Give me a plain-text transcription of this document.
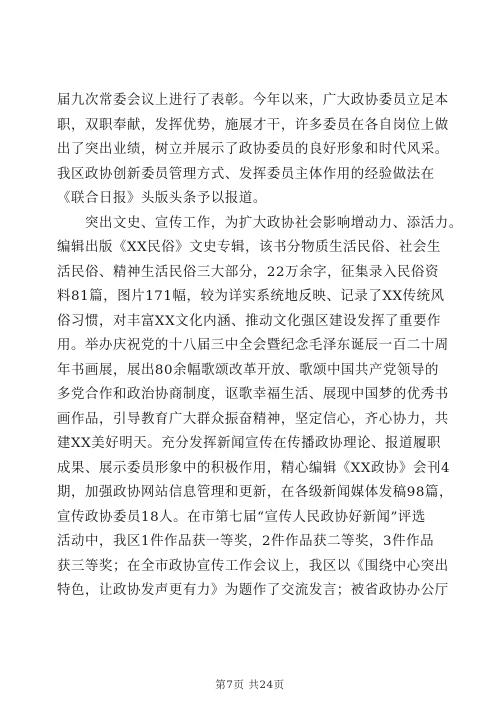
届九次常委会议上进行了表彰。今年以来，广大政协委员立足本
职，双职奉献，发挥优势，施展才干，许多委员在各自岗位上做
出了突出业绩，树立并展示了政协委员的良好形象和时代风采。
我区政协创新委员管理方式、发挥委员主体作用的经验做法在
《联合日报》头版头条予以报道。
　　突出文史、宣传工作，为扩大政协社会影响增动力、添活力。
编辑出版《XX民俗》文史专辑，该书分物质生活民俗、社会生
活民俗、精神生活民俗三大部分，22万余字，征集录入民俗资
料81篇，图片171幅，较为详实系统地反映、记录了XX传统风
俗习惯，对丰富XX文化内涵、推动文化强区建设发挥了重要作
用。举办庆祝党的十八届三中全会暨纪念毛泽东诞辰一百二十周
年书画展，展出80余幅歌颂改革开放、歌颂中国共产党领导的
多党合作和政治协商制度，讴歌幸福生活、展现中国梦的优秀书
画作品，引导教育广大群众振奋精神，坚定信心，齐心协力，共
建XX美好明天。充分发挥新闻宣传在传播政协理论、报道履职
成果、展示委员形象中的积极作用，精心编辑《XX政协》会刊4
期，加强政协网站信息管理和更新，在各级新闻媒体发稿98篇，
宣传政协委员18人。在市第七届“宣传人民政协好新闻”评选
活动中，我区1件作品获一等奖，2件作品获二等奖，3件作品
获三等奖；在全市政协宣传工作会议上，我区以《围绕中心突出
特色，让政协发声更有力》为题作了交流发言；被省政协办公厅
第7页 共24页
